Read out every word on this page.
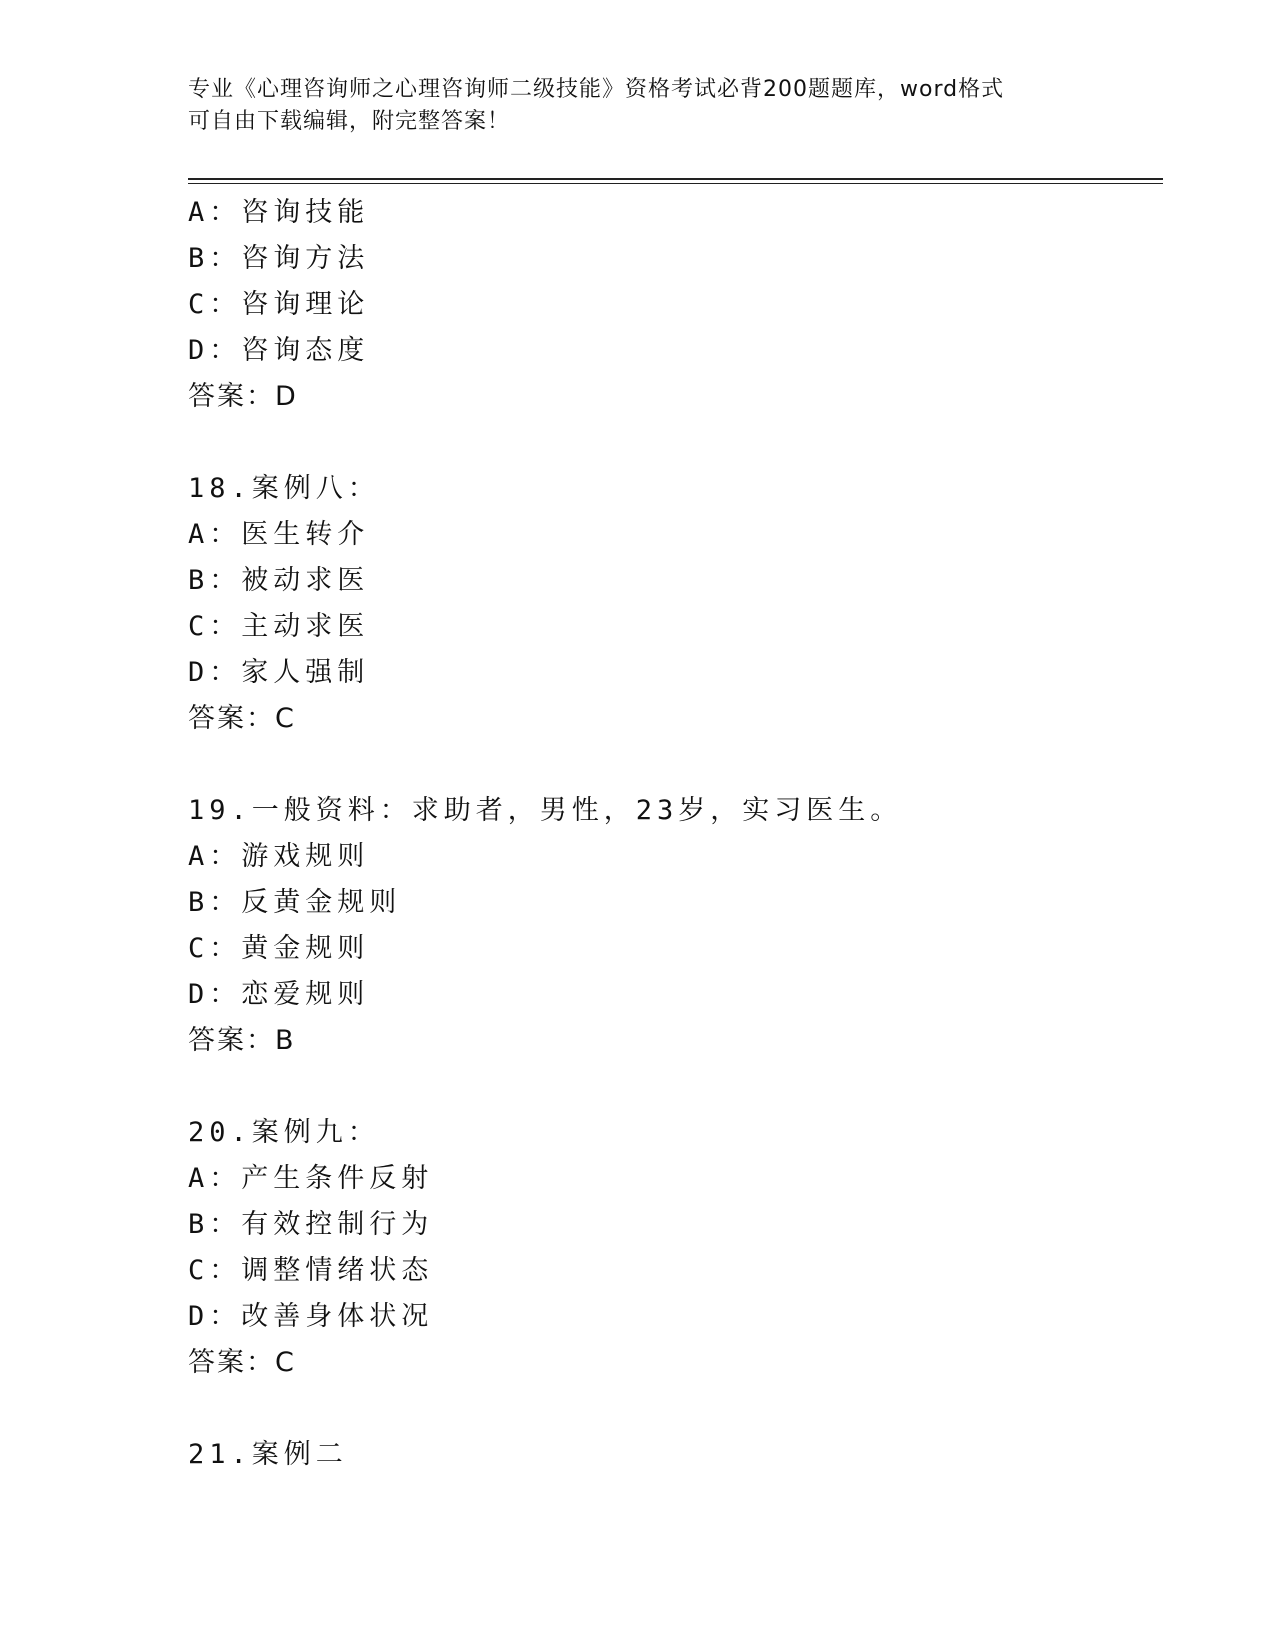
专业《心理咨询师之心理咨询师二级技能》资格考试必背200题题库，word格式
可自由下载编辑，附完整答案！
A：咨询技能
B：咨询方法
C：咨询理论
D：咨询态度
答案：D
18.案例八：
A：医生转介
B：被动求医
C：主动求医
D：家人强制
答案：C
19.一般资料：求助者，男性，23岁，实习医生。
A：游戏规则
B：反黄金规则
C：黄金规则
D：恋爱规则
答案：B
20.案例九：
A：产生条件反射
B：有效控制行为
C：调整情绪状态
D：改善身体状况
答案：C
21.案例二
